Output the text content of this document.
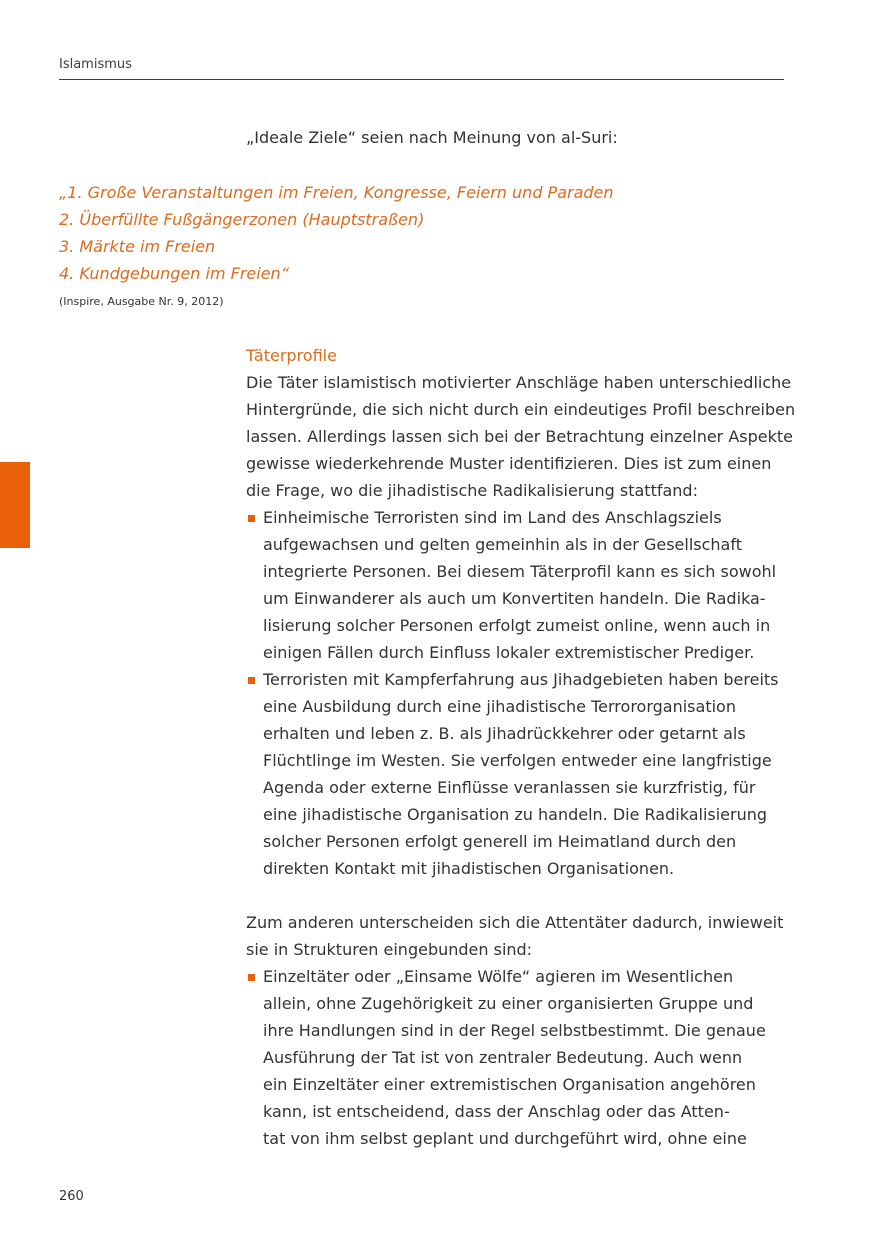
Islamismus
„Ideale Ziele“ seien nach Meinung von al-Suri:
„1. Große Veranstaltungen im Freien, Kongresse, Feiern und Paraden
2. Überfüllte Fußgängerzonen (Hauptstraßen)
3. Märkte im Freien
4. Kundgebungen im Freien“
(Inspire, Ausgabe Nr. 9, 2012)
Täterprofile
Die Täter islamistisch motivierter Anschläge haben unterschiedliche
Hintergründe, die sich nicht durch ein eindeutiges Profil beschreiben
lassen. Allerdings lassen sich bei der Betrachtung einzelner Aspekte
gewisse wiederkehrende Muster identifizieren. Dies ist zum einen
die Frage, wo die jihadistische Radikalisierung stattfand:
Einheimische Terroristen sind im Land des Anschlagsziels
aufgewachsen und gelten gemeinhin als in der Gesellschaft
integrierte Personen. Bei diesem Täterprofil kann es sich sowohl
um Einwanderer als auch um Konvertiten handeln. Die Radika-
lisierung solcher Personen erfolgt zumeist online, wenn auch in
einigen Fällen durch Einfluss lokaler extremistischer Prediger.
Terroristen mit Kampferfahrung aus Jihadgebieten haben bereits
eine Ausbildung durch eine jihadistische Terrororganisation
erhalten und leben z. B. als Jihadrückkehrer oder getarnt als
Flüchtlinge im Westen. Sie verfolgen entweder eine langfristige
Agenda oder externe Einflüsse veranlassen sie kurzfristig, für
eine jihadistische Organisation zu handeln. Die Radikalisierung
solcher Personen erfolgt generell im Heimatland durch den
direkten Kontakt mit jihadistischen Organisationen.
Zum anderen unterscheiden sich die Attentäter dadurch, inwieweit
sie in Strukturen eingebunden sind:
Einzeltäter oder „Einsame Wölfe“ agieren im Wesentlichen
allein, ohne Zugehörigkeit zu einer organisierten Gruppe und
ihre Handlungen sind in der Regel selbstbestimmt. Die genaue
Ausführung der Tat ist von zentraler Bedeutung. Auch wenn
ein Einzeltäter einer extremistischen Organisation angehören
kann, ist entscheidend, dass der Anschlag oder das Atten-
tat von ihm selbst geplant und durchgeführt wird, ohne eine
260
